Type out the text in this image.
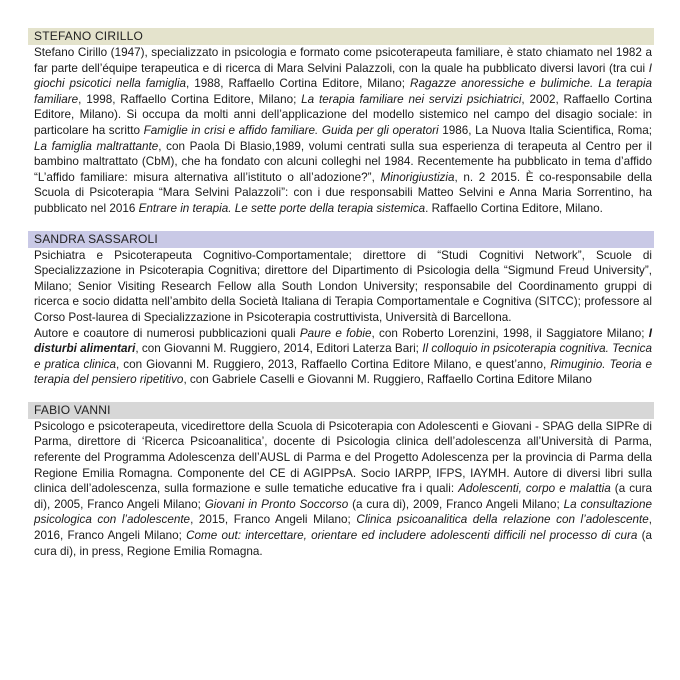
STEFANO CIRILLO

Stefano Cirillo (1947), specializzato in psicologia e formato come psicoterapeuta familiare, è stato chiamato nel 1982 a far parte dell’équipe terapeutica e di ricerca di Mara Selvini Palazzoli, con la quale ha pubblicato diversi lavori (tra cui I giochi psicotici nella famiglia, 1988, Raffaello Cortina Editore, Milano; Ragazze anoressiche e bulimiche. La terapia familiare, 1998, Raffaello Cortina Editore, Milano; La terapia familiare nei servizi psichiatrici, 2002, Raffaello Cortina Editore, Milano). Si occupa da molti anni dell’applicazione del modello sistemico nel campo del disagio sociale: in particolare ha scritto Famiglie in crisi e affido familiare. Guida per gli operatori 1986, La Nuova Italia Scientifica, Roma; La famiglia maltrattante, con Paola Di Blasio,1989, volumi centrati sulla sua esperienza di terapeuta al Centro per il bambino maltrattato (CbM), che ha fondato con alcuni colleghi nel 1984. Recentemente ha pubblicato in tema d’affido “L’affido familiare: misura alternativa all’istituto o all’adozione?”, Minorigiustizia, n. 2 2015. È co-responsabile della Scuola di Psicoterapia “Mara Selvini Palazzoli”: con i due responsabili Matteo Selvini e Anna Maria Sorrentino, ha pubblicato nel 2016 Entrare in terapia. Le sette porte della terapia sistemica. Raffaello Cortina Editore, Milano.

SANDRA SASSAROLI

Psichiatra e Psicoterapeuta Cognitivo-Comportamentale; direttore di “Studi Cognitivi Network”, Scuole di Specializzazione in Psicoterapia Cognitiva; direttore del Dipartimento di Psicologia della “Sigmund Freud University”, Milano; Senior Visiting Research Fellow alla South London University; responsabile del Coordinamento gruppi di ricerca e socio didatta nell’ambito della Società Italiana di Terapia Comportamentale e Cognitiva (SITCC); professore al Corso Post-laurea di Specializzazione in Psicoterapia costruttivista, Università di Barcellona.

Autore e coautore di numerosi pubblicazioni quali Paure e fobie, con Roberto Lorenzini, 1998, il Saggiatore Milano; I disturbi alimentari, con Giovanni M. Ruggiero, 2014, Editori Laterza Bari; Il colloquio in psicoterapia cognitiva. Tecnica e pratica clinica, con Giovanni M. Ruggiero, 2013, Raffaello Cortina Editore Milano, e quest’anno, Rimuginio. Teoria e terapia del pensiero ripetitivo, con Gabriele Caselli e Giovanni M. Ruggiero, Raffaello Cortina Editore Milano

FABIO VANNI

Psicologo e psicoterapeuta, vicedirettore della Scuola di Psicoterapia con Adolescenti e Giovani - SPAG della SIPRe di Parma, direttore di ‘Ricerca Psicoanalitica’, docente di Psicologia clinica dell’adolescenza all’Università di Parma, referente del Programma Adolescenza dell’AUSL di Parma e del Progetto Adolescenza per la provincia di Parma della Regione Emilia Romagna. Componente del CE di AGIPPsA. Socio IARPP, IFPS, IAYMH. Autore di diversi libri sulla clinica dell’adolescenza, sulla formazione e sulle tematiche educative fra i quali: Adolescenti, corpo e malattia (a cura di), 2005, Franco Angeli Milano; Giovani in Pronto Soccorso (a cura di), 2009, Franco Angeli Milano; La consultazione psicologica con l’adolescente, 2015, Franco Angeli Milano; Clinica psicoanalitica della relazione con l’adolescente, 2016, Franco Angeli Milano; Come out: intercettare, orientare ed includere adolescenti difficili nel processo di cura (a cura di), in press, Regione Emilia Romagna.
